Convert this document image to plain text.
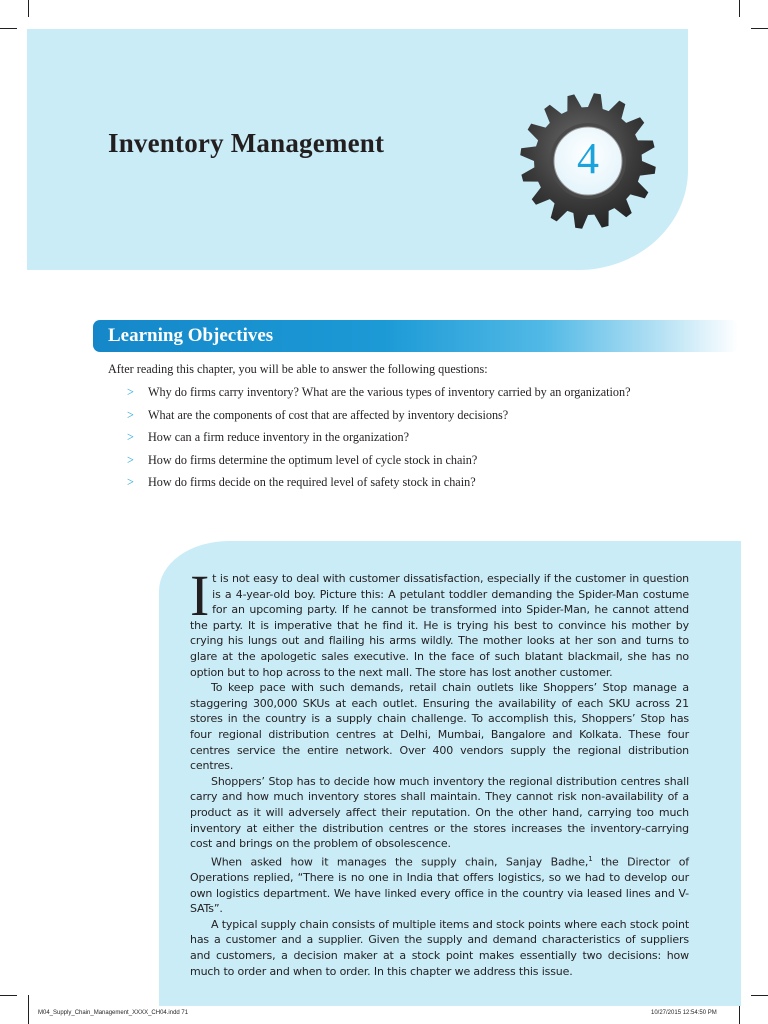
Inventory Management	4
Learning Objectives
After reading this chapter, you will be able to answer the following questions:
> Why do firms carry inventory? What are the various types of inventory carried by an organization?
> What are the components of cost that are affected by inventory decisions?
> How can a firm reduce inventory in the organization?
> How do firms determine the optimum level of cycle stock in chain?
> How do firms decide on the required level of safety stock in chain?

It is not easy to deal with customer dissatisfaction, especially if the customer in question is a 4-year-old boy. Picture this: A petulant toddler demanding the Spider-Man costume for an upcoming party. If he cannot be transformed into Spider-Man, he cannot attend the party. It is imperative that he find it. He is trying his best to convince his mother by crying his lungs out and flailing his arms wildly. The mother looks at her son and turns to glare at the apologetic sales executive. In the face of such blatant blackmail, she has no option but to hop across to the next mall. The store has lost another customer.

To keep pace with such demands, retail chain outlets like Shoppers’ Stop manage a staggering 300,000 SKUs at each outlet. Ensuring the availability of each SKU across 21 stores in the country is a supply chain challenge. To accomplish this, Shoppers’ Stop has four regional distribution centres at Delhi, Mumbai, Bangalore and Kolkata. These four centres service the entire network. Over 400 vendors supply the regional distribution centres.

Shoppers’ Stop has to decide how much inventory the regional distribution centres shall carry and how much inventory stores shall maintain. They cannot risk non-availability of a product as it will adversely affect their reputation. On the other hand, carrying too much inventory at either the distribution centres or the stores increases the inventory-carrying cost and brings on the problem of obsolescence.

When asked how it manages the supply chain, Sanjay Badhe,$^1$ the Director of Operations replied, “There is no one in India that offers logistics, so we had to develop our own logistics department. We have linked every office in the country via leased lines and V-SATs”.

A typical supply chain consists of multiple items and stock points where each stock point has a customer and a supplier. Given the supply and demand characteristics of suppliers and customers, a decision maker at a stock point makes essentially two decisions: how much to order and when to order. In this chapter we address this issue.

M04_Supply_Chain_Management_XXXX_CH04.indd 71	10/27/2015 12:54:50 PM
